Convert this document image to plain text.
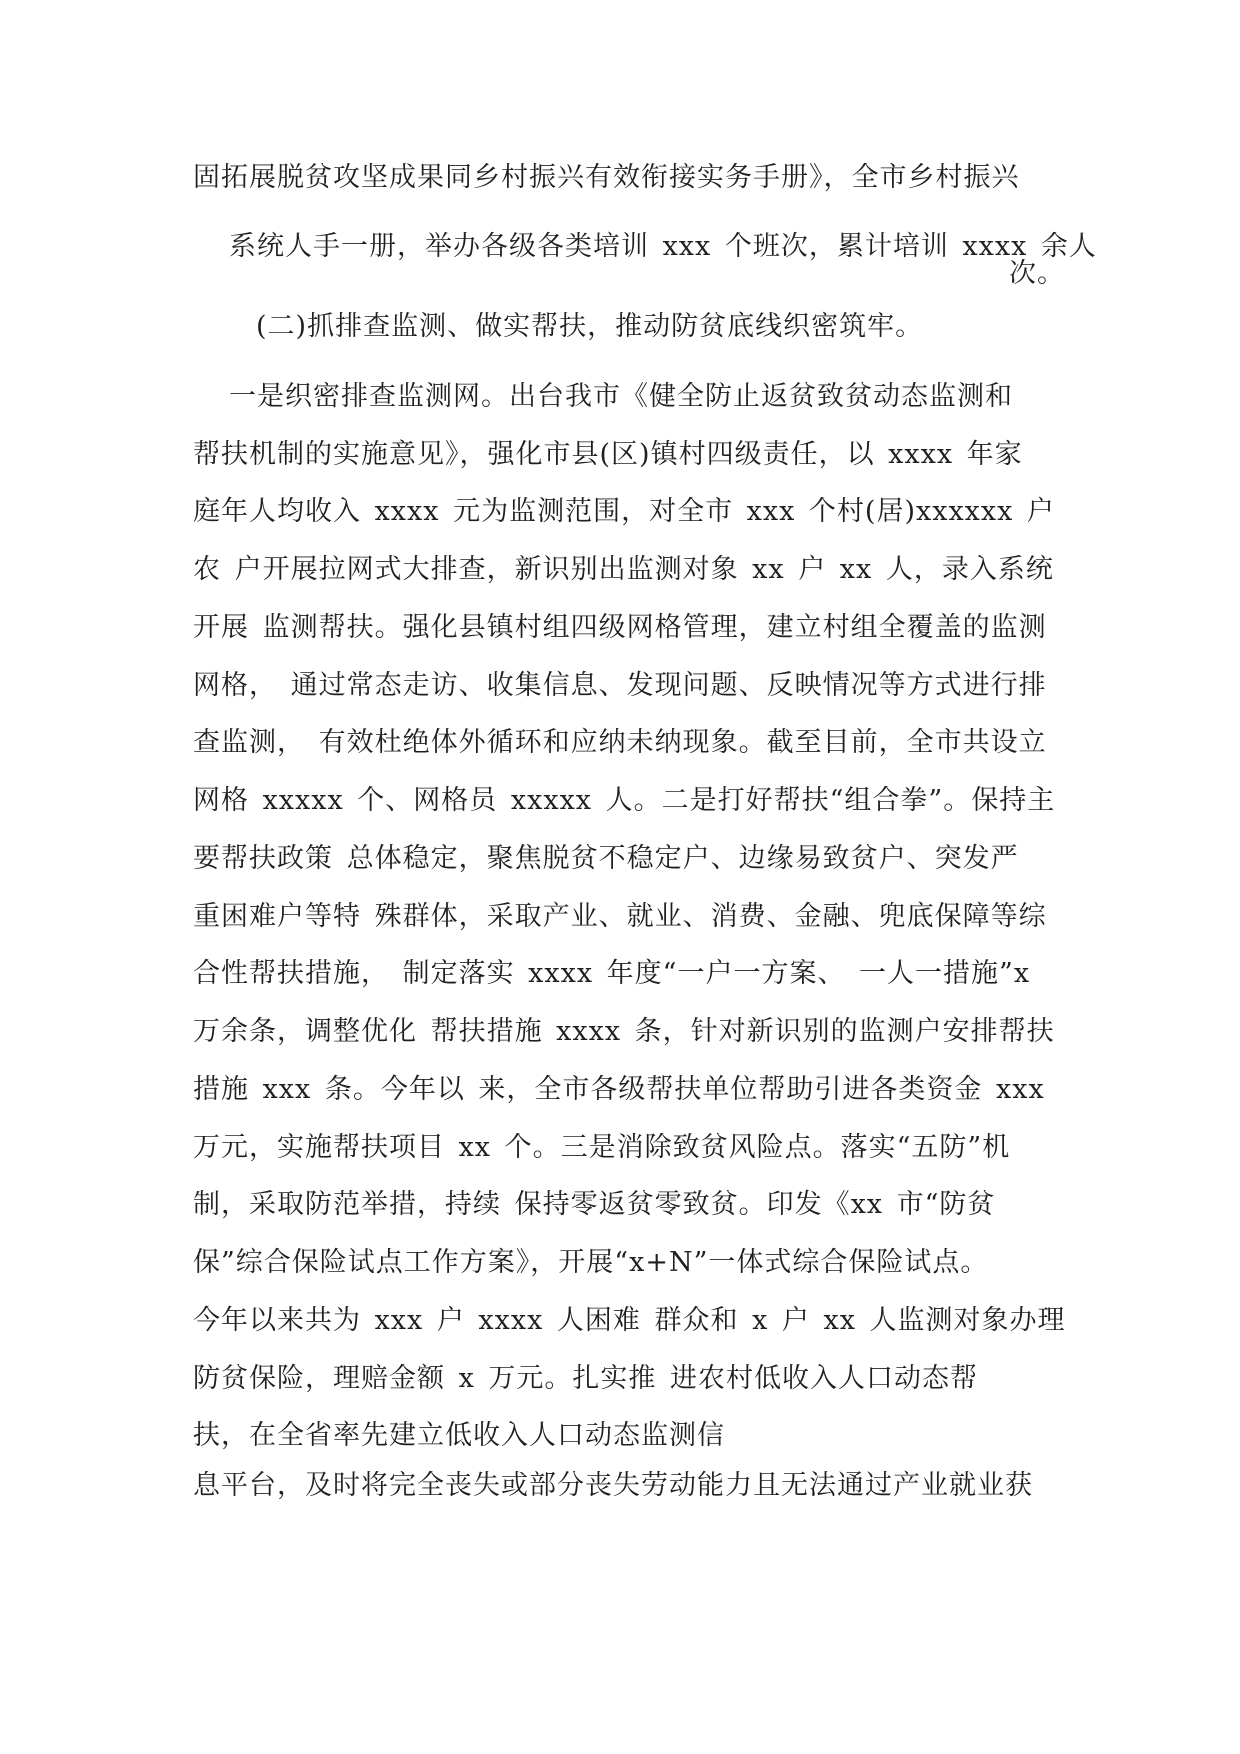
固拓展脱贫攻坚成果同乡村振兴有效衔接实务手册》，全市乡村振兴
系统人手一册，举办各级各类培训 xxx 个班次，累计培训 xxxx 余人
次。
(二)抓排查监测、做实帮扶，推动防贫底线织密筑牢。
一是织密排查监测网。出台我市《健全防止返贫致贫动态监测和
帮扶机制的实施意见》，强化市县(区)镇村四级责任，以 xxxx 年家
庭年人均收入 xxxx 元为监测范围，对全市 xxx 个村(居)xxxxxx 户
农 户开展拉网式大排查，新识别出监测对象 xx 户 xx 人，录入系统
开展 监测帮扶。强化县镇村组四级网格管理，建立村组全覆盖的监测
网格， 通过常态走访、收集信息、发现问题、反映情况等方式进行排
查监测， 有效杜绝体外循环和应纳未纳现象。截至目前，全市共设立
网格 xxxxx 个、网格员 xxxxx 人。二是打好帮扶“组合拳”。保持主
要帮扶政策 总体稳定，聚焦脱贫不稳定户、边缘易致贫户、突发严
重困难户等特 殊群体，采取产业、就业、消费、金融、兜底保障等综
合性帮扶措施， 制定落实 xxxx 年度“一户一方案、 一人一措施”x
万余条，调整优化 帮扶措施 xxxx 条，针对新识别的监测户安排帮扶
措施 xxx 条。今年以 来，全市各级帮扶单位帮助引进各类资金 xxx
万元，实施帮扶项目 xx 个。三是消除致贫风险点。落实“五防”机
制，采取防范举措，持续 保持零返贫零致贫。印发《xx 市“防贫
保”综合保险试点工作方案》，开展“x+N”一体式综合保险试点。
今年以来共为 xxx 户 xxxx 人困难 群众和 x 户 xx 人监测对象办理
防贫保险，理赔金额 x 万元。扎实推 进农村低收入人口动态帮
扶，在全省率先建立低收入人口动态监测信
息平台，及时将完全丧失或部分丧失劳动能力且无法通过产业就业获
